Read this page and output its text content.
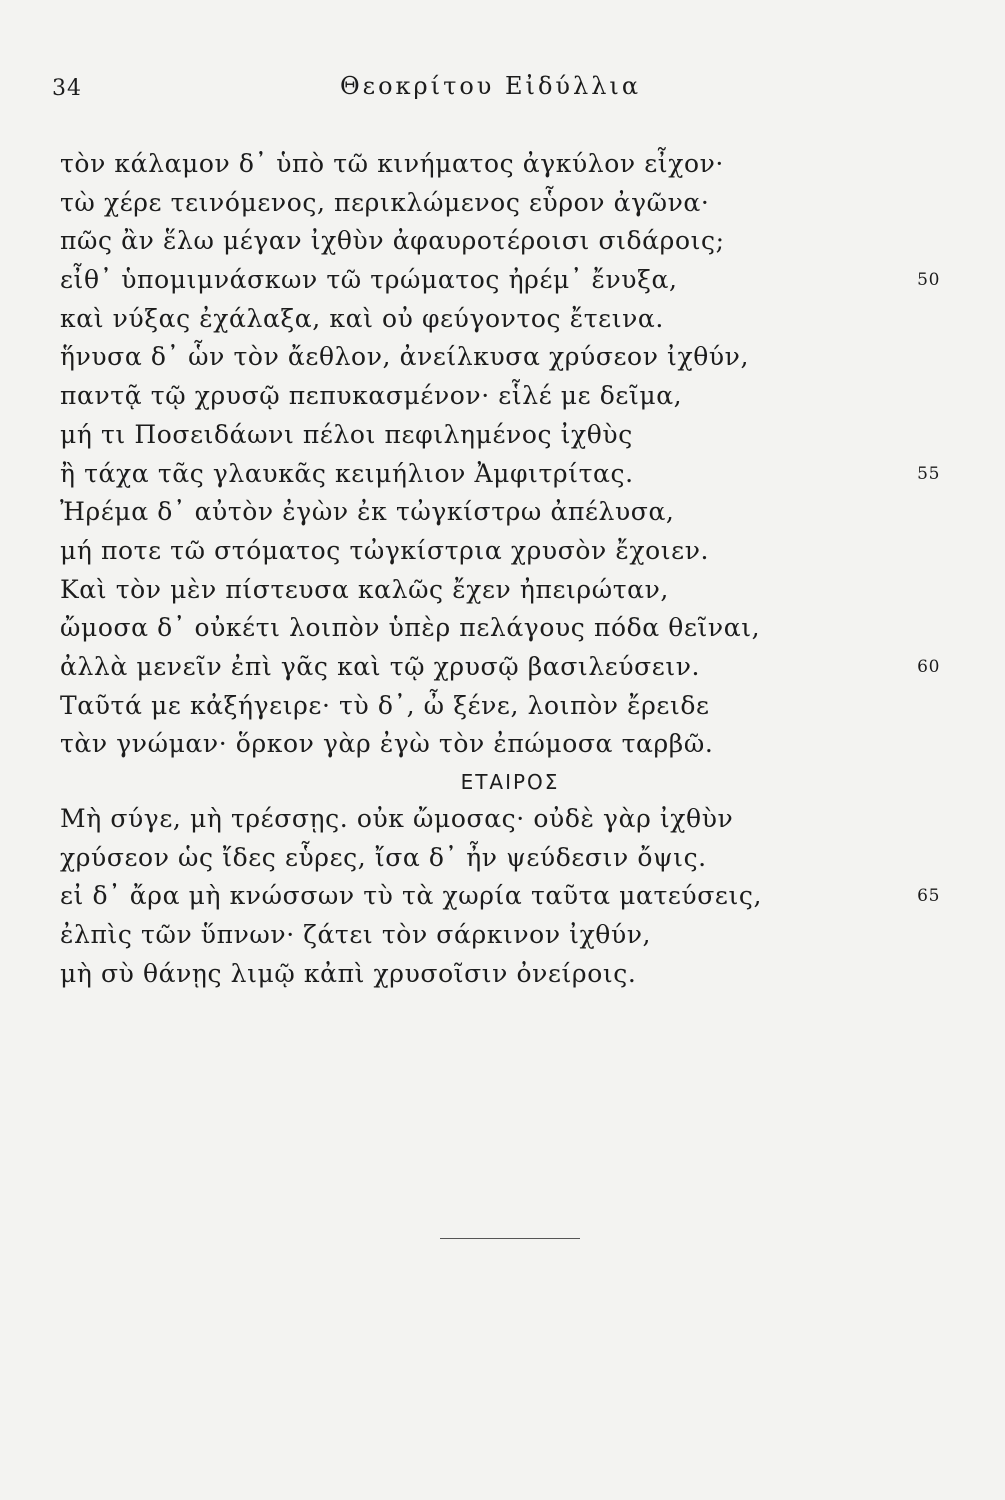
34	Θεοκρίτου Εἰδύλλια
τὸν κάλαμον δ᾽ ὑπὸ τῶ κινήματος ἀγκύλον εἶχον·
τὼ χέρε τεινόμενος, περικλώμενος εὗρον ἀγῶνα·
πῶς ἂν ἕλω μέγαν ἰχθὺν ἀφαυροτέροισι σιδάροις;
εἶθ᾽ ὑπομιμνάσκων τῶ τρώματος ἠρέμ᾽ ἔνυξα,	50
καὶ νύξας ἐχάλαξα, καὶ οὐ φεύγοντος ἔτεινα.
ἥνυσα δ᾽ ὧν τὸν ἄεθλον, ἀνείλκυσα χρύσεον ἰχθύν,
παντᾷ τῷ χρυσῷ πεπυκασμένον· εἷλέ με δεῖμα,
μή τι Ποσειδάωνι πέλοι πεφιλημένος ἰχθὺς
ἢ τάχα τᾶς γλαυκᾶς κειμήλιον Ἀμφιτρίτας.	55
Ἠρέμα δ᾽ αὐτὸν ἐγὼν ἐκ τὠγκίστρω ἀπέλυσα,
μή ποτε τῶ στόματος τὠγκίστρια χρυσὸν ἔχοιεν.
Καὶ τὸν μὲν πίστευσα καλῶς ἔχεν ἠπειρώταν,
ὤμοσα δ᾽ οὐκέτι λοιπὸν ὑπὲρ πελάγους πόδα θεῖναι,
ἀλλὰ μενεῖν ἐπὶ γᾶς καὶ τῷ χρυσῷ βασιλεύσειν.	60
Ταῦτά με κἀξήγειρε· τὺ δ᾽, ὦ ξένε, λοιπὸν ἔρειδε
τὰν γνώμαν· ὅρκον γὰρ ἐγὼ τὸν ἐπώμοσα ταρβῶ.
ΕΤΑΙΡΟΣ
Μὴ σύγε, μὴ τρέσσῃς. οὐκ ὤμοσας· οὐδὲ γὰρ ἰχθὺν
χρύσεον ὡς ἴδες εὗρες, ἴσα δ᾽ ἦν ψεύδεσιν ὄψις.
εἰ δ᾽ ἄρα μὴ κνώσσων τὺ τὰ χωρία ταῦτα ματεύσεις,	65
ἐλπὶς τῶν ὕπνων· ζάτει τὸν σάρκινον ἰχθύν,
μὴ σὺ θάνῃς λιμῷ κἀπὶ χρυσοῖσιν ὀνείροις.
